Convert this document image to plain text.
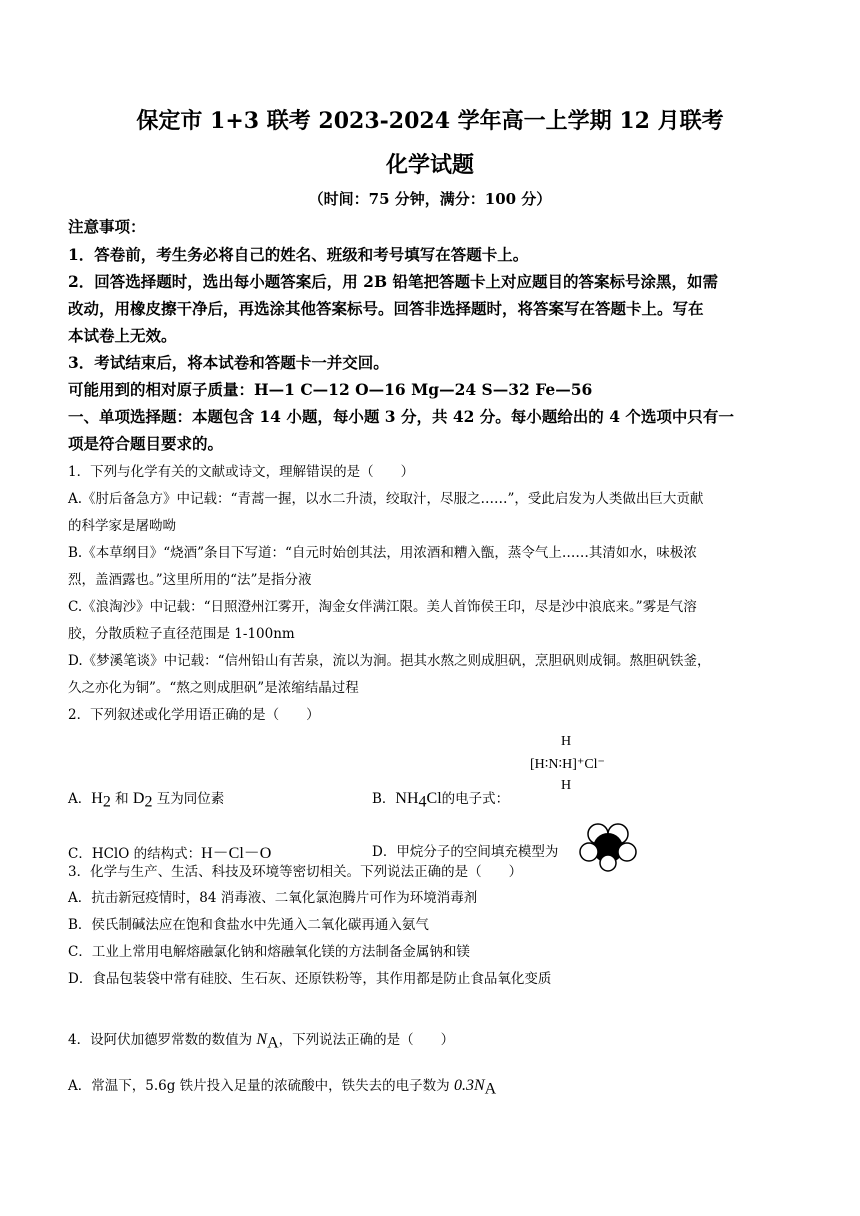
保定市 1+3 联考 2023-2024 学年高一上学期 12 月联考
化学试题
（时间：75 分钟，满分：100 分）
注意事项：
1．答卷前，考生务必将自己的姓名、班级和考号填写在答题卡上。
2．回答选择题时，选出每小题答案后，用 2B 铅笔把答题卡上对应题目的答案标号涂黑，如需
改动，用橡皮擦干净后，再选涂其他答案标号。回答非选择题时，将答案写在答题卡上。写在
本试卷上无效。
3．考试结束后，将本试卷和答题卡一并交回。
可能用到的相对原子质量：H—1 C—12 O—16 Mg—24 S—32 Fe—56
一、单项选择题：本题包含 14 小题，每小题 3 分，共 42 分。每小题给出的 4 个选项中只有一
项是符合题目要求的。
1．下列与化学有关的文献或诗文，理解错误的是（　　）
A.《肘后备急方》中记载：“青蒿一握，以水二升渍，绞取汁，尽服之……”，受此启发为人类做出巨大贡献
的科学家是屠呦呦
B.《本草纲目》“烧酒”条目下写道：“自元时始创其法，用浓酒和糟入甑，蒸令气上……其清如水，味极浓
烈，盖酒露也。”这里所用的“法”是指分液
C.《浪淘沙》中记载：“日照澄州江雾开，淘金女伴满江限。美人首饰侯王印，尽是沙中浪底来。”雾是气溶
胶，分散质粒子直径范围是 1-100nm
D.《梦溪笔谈》中记载：“信州铅山有苦泉，流以为涧。挹其水熬之则成胆矾，烹胆矾则成铜。熬胆矾铁釜，
久之亦化为铜”。“熬之则成胆矾”是浓缩结晶过程
2．下列叙述或化学用语正确的是（　　）
A．$H_2$ 和 $D_2$ 互为同位素	B．$NH_4Cl$的电子式：
H
[H∶N∶H]⁺Cl⁻
H
C．HClO 的结构式：H－Cl－O	D．甲烷分子的空间填充模型为
3．化学与生产、生活、科技及环境等密切相关。下列说法正确的是（　　）
A．抗击新冠疫情时，84 消毒液、二氧化氯泡腾片可作为环境消毒剂
B．侯氏制碱法应在饱和食盐水中先通入二氧化碳再通入氨气
C．工业上常用电解熔融氯化钠和熔融氧化镁的方法制备金属钠和镁
D．食品包装袋中常有硅胶、生石灰、还原铁粉等，其作用都是防止食品氧化变质
4．设阿伏加德罗常数的数值为 $N_A$，下列说法正确的是（　　）
A．常温下，5.6g 铁片投入足量的浓硫酸中，铁失去的电子数为 $0.3N_A$
